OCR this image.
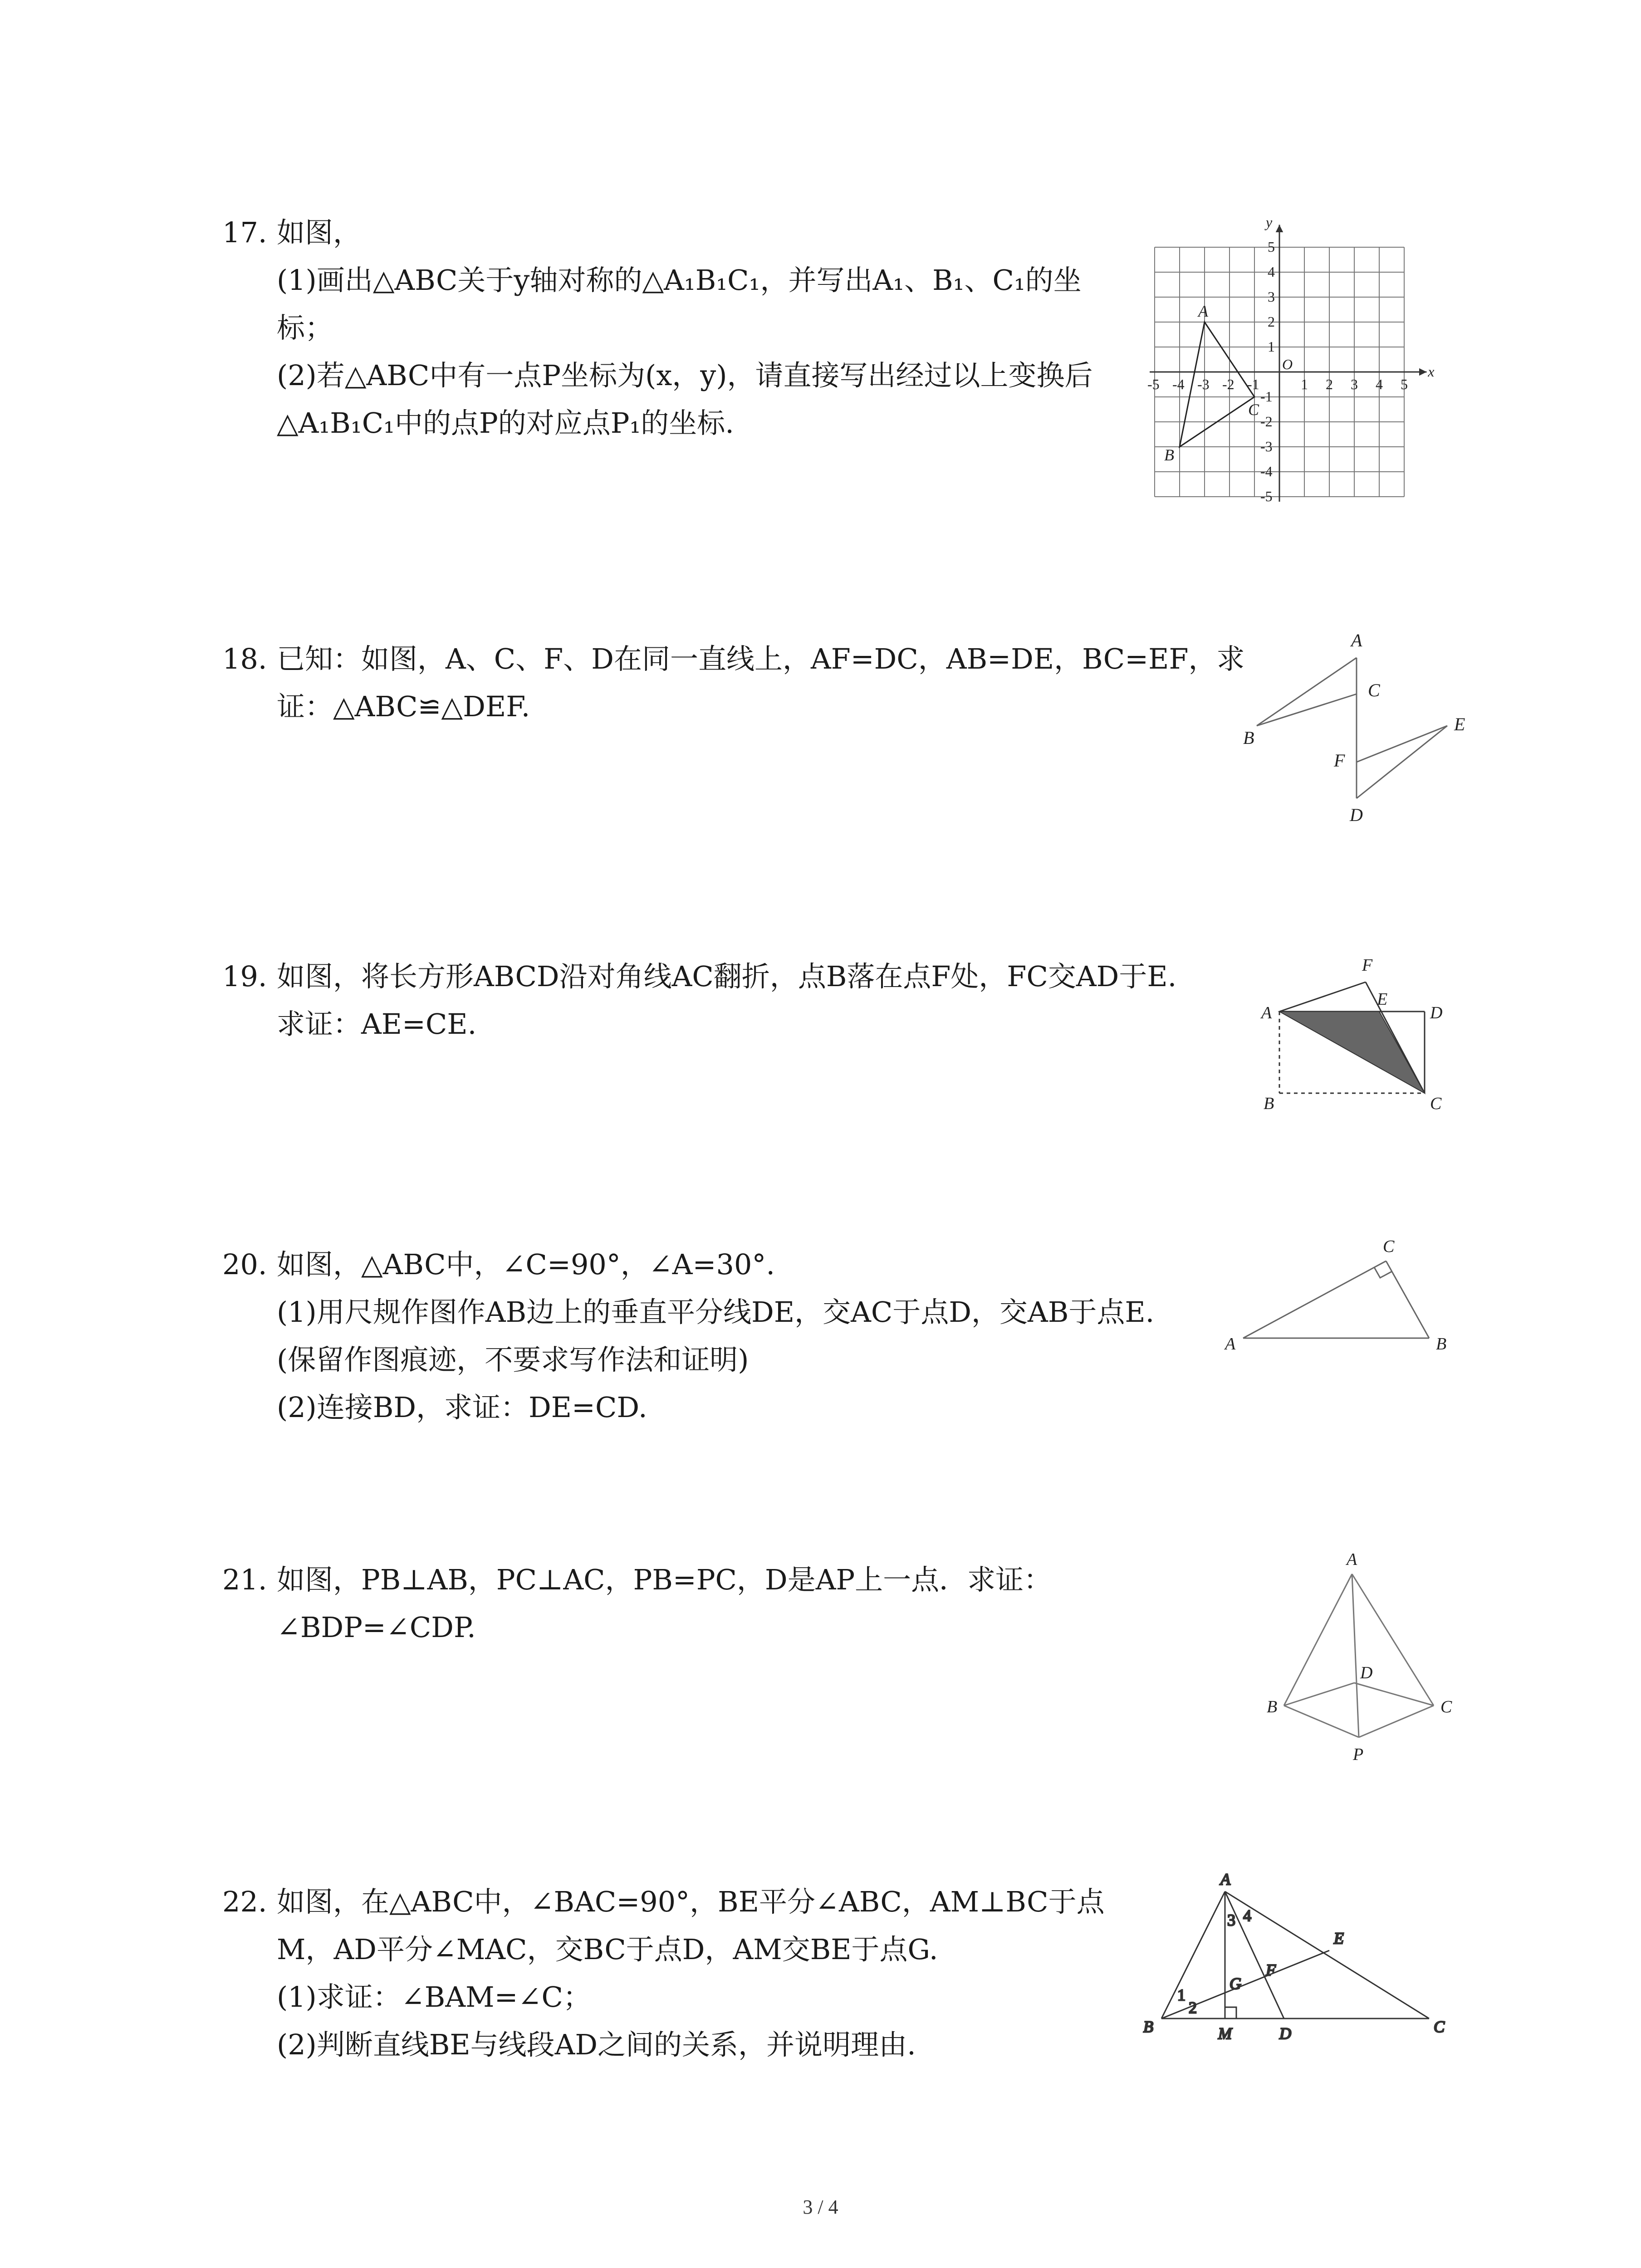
17. 如图，
(1)画出△ABC关于y轴对称的△A₁B₁C₁，并写出A₁、B₁、C₁的坐
标；
(2)若△ABC中有一点P坐标为(x，y)，请直接写出经过以上变换后
△A₁B₁C₁中的点P的对应点P₁的坐标.
x
y
O
-5 -4 -3 -2 -1	1 2 3 4 5
5
4
3
2
1
-1
-2
-3
-4
-5
A
B
C
18. 已知：如图，A、C、F、D在同一直线上，AF=DC，AB=DE，BC=EF，求
证：△ABC≌△DEF.
A
C
B
E
F
D
19. 如图，将长方形ABCD沿对角线AC翻折，点B落在点F处，FC交AD于E.
求证：AE=CE.
F
E
A	D
B	C
20. 如图，△ABC中，∠C=90°，∠A=30°.
(1)用尺规作图作AB边上的垂直平分线DE，交AC于点D，交AB于点E.
(保留作图痕迹，不要求写作法和证明)
(2)连接BD，求证：DE=CD.
C
A	B
21. 如图，PB⊥AB，PC⊥AC，PB=PC，D是AP上一点．求证：
∠BDP=∠CDP.
A
D
B	C
P
22. 如图，在△ABC中，∠BAC=90°，BE平分∠ABC，AM⊥BC于点
M，AD平分∠MAC，交BC于点D，AM交BE于点G.
(1)求证：∠BAM=∠C；
(2)判断直线BE与线段AD之间的关系，并说明理由.
A
E
F
G
B	M	D	C
1
2
3 4
3 / 4
